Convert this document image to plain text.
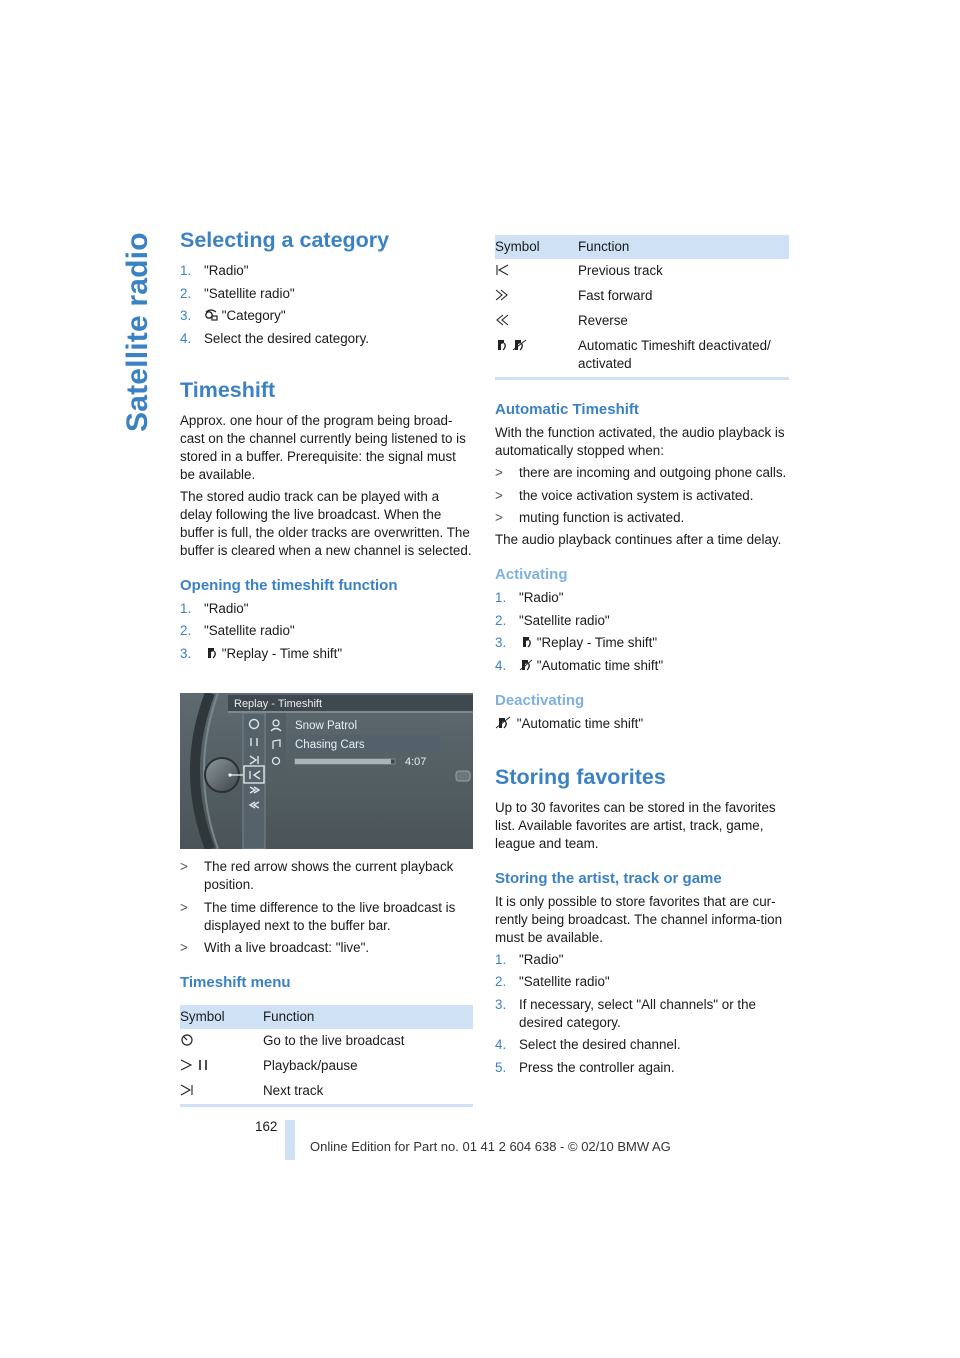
Satellite radio Selecting a category
1. "Radio"
2. "Satellite radio"
3. "Category"
4. Select the desired category.
Timeshift

Approx. one hour of the program being broad-cast on the channel currently being listened to is stored in a buffer. Prerequisite: the signal must be available.

The stored audio track can be played with a delay following the live broadcast. When the buffer is full, the older tracks are overwritten. The buffer is cleared when a new channel is selected.

Opening the timeshift function
1. "Radio"
2. "Satellite radio"
3. "Replay - Time shift"
Snow Patrol
Chasing Cars
4:07
Replay - Timeshift
> The red arrow shows the current playback position.
> The time difference to the live broadcast is displayed next to the buffer bar.
> With a live broadcast: "live".
Timeshift menu
Symbol	Function

	Go to the live broadcast

	Playback/pause

	Next track
Symbol	Function

	Previous track

	Fast forward

	Reverse

	Automatic Timeshift deactivated/ activated
Automatic Timeshift

With the function activated, the audio playback is automatically stopped when:

> there are incoming and outgoing phone calls.
> the voice activation system is activated.
> muting function is activated.

The audio playback continues after a time delay.

Activating
1. "Radio"
2. "Satellite radio"
3. "Replay - Time shift"
4. "Automatic time shift"
Deactivating

"Automatic time shift"

Storing favorites

Up to 30 favorites can be stored in the favorites list. Available favorites are artist, track, game, league and team.

Storing the artist, track or game

It is only possible to store favorites that are cur-rently being broadcast. The channel informa-tion must be available.

1. "Radio"
2. "Satellite radio"
3. If necessary, select "All channels" or the desired category.
4. Select the desired channel.
5. Press the controller again.
162
Online Edition for Part no. 01 41 2 604 638 - © 02/10 BMW AG
